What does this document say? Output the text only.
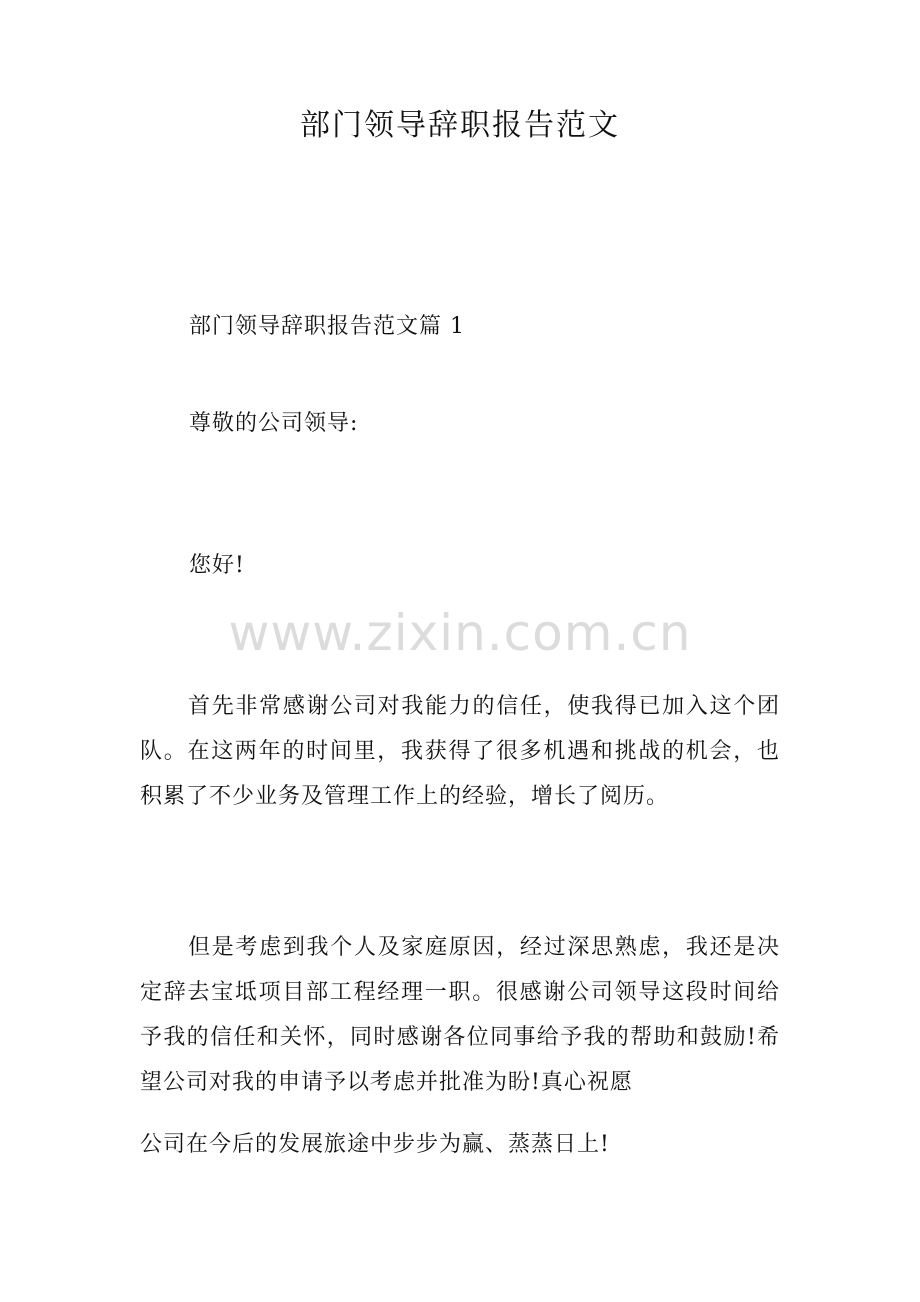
部门领导辞职报告范文
部门领导辞职报告范文篇 1
尊敬的公司领导:
您好!
www.zixin.com.cn
首先非常感谢公司对我能力的信任，使我得已加入这个团队。在这两年的时间里，我获得了很多机遇和挑战的机会，也积累了不少业务及管理工作上的经验，增长了阅历。
但是考虑到我个人及家庭原因，经过深思熟虑，我还是决定辞去宝坻项目部工程经理一职。很感谢公司领导这段时间给予我的信任和关怀，同时感谢各位同事给予我的帮助和鼓励!希望公司对我的申请予以考虑并批准为盼!真心祝愿
公司在今后的发展旅途中步步为赢、蒸蒸日上!
